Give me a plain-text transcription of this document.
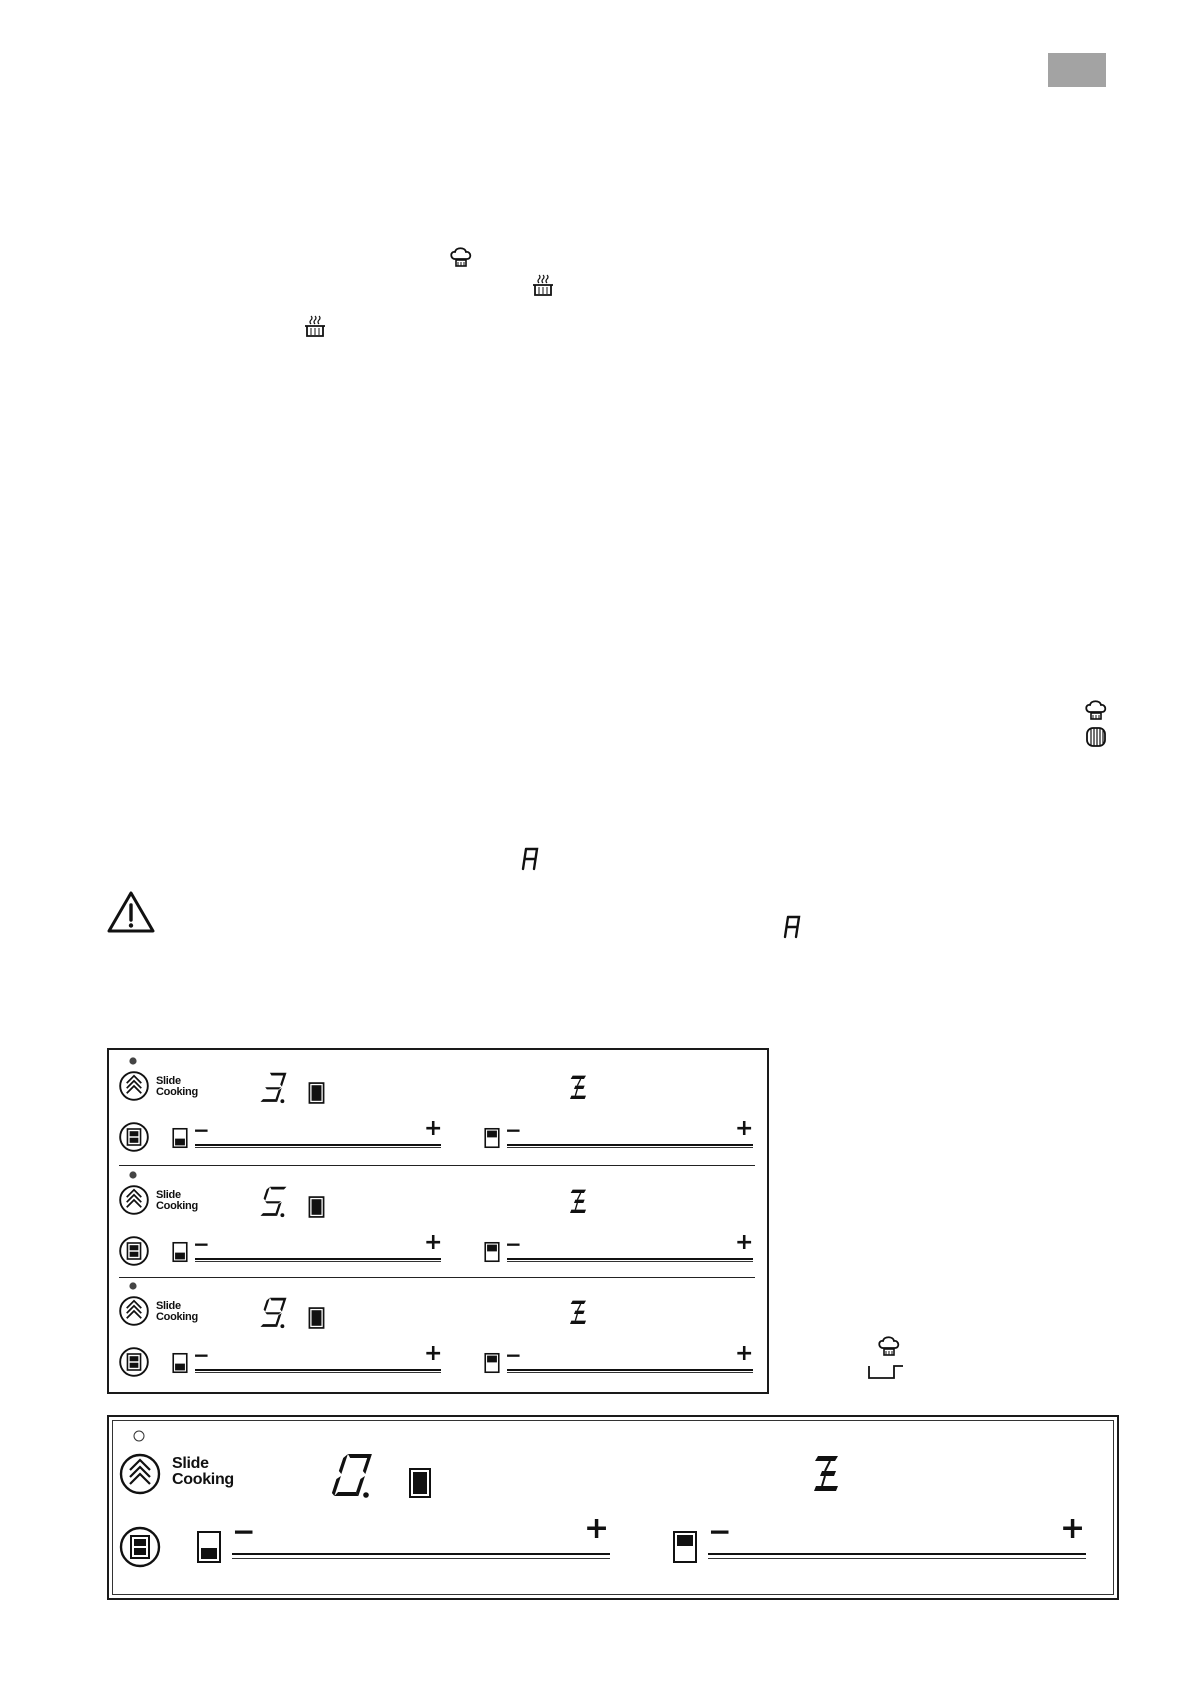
Slide
Cooking
−	+	−	+
Slide
Cooking
−	+	−	+
Slide
Cooking
−	+	−	+
Slide
Cooking
−	+	−	+
